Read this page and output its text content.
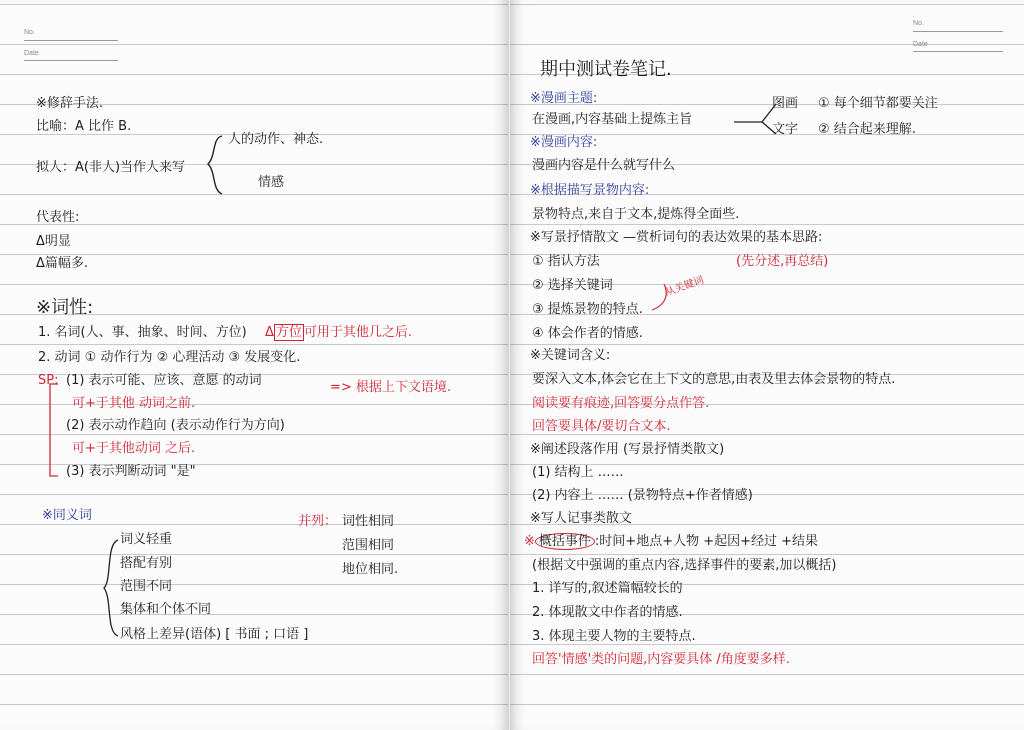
No.
Date
※修辞手法.
比喻：A 比作 B.
人的动作、神态.
拟人：A(非人)当作人来写
情感
代表性:
Δ明显
Δ篇幅多.
※词性:
1. 名词(人、事、抽象、时间、方位) Δ 方位 可用于其他几之后.
2. 动词 ① 动作行为 ② 心理活动 ③ 发展变化.
SP: (1) 表示可能、应该、意愿 的动词	=> 根据上下文语境.
可+于其他 动词之前.
(2) 表示动作趋向 (表示动作行为方向)
可+于其他动词 之后.
(3) 表示判断动词 "是"
※同义词	并列： 词性相同
词义轻重	范围相同
搭配有别	地位相同.
范围不同
集体和个体不同
风格上差异(语体) [ 书面 ; 口语 ]
No.
Date
期中测试卷笔记.
※漫画主题:	图画 ① 每个细节都要关注
在漫画,内容基础上提炼主旨
文字 ② 结合起来理解.
※漫画内容:
漫画内容是什么就写什么
※根据描写景物内容:
景物特点,来自于文本,提炼得全面些.
※写景抒情散文 —赏析词句的表达效果的基本思路:
① 指认方法	(先分述,再总结)
② 选择关键词	从关键词
③ 提炼景物的特点.
④ 体会作者的情感.
※关键词含义:
要深入文本,体会它在上下文的意思,由表及里去体会景物的特点.
阅读要有痕迹,回答要分点作答.
回答要具体/要切合文本.
※阐述段落作用 (写景抒情类散文)
(1) 结构上 ……
(2) 内容上 …… (景物特点+作者情感)
※写人记事类散文
※ 概括事件 :时间+地点+人物 +起因+经过 +结果
(根据文中强调的重点内容,选择事件的要素,加以概括)
1. 详写的,叙述篇幅较长的
2. 体现散文中作者的情感.
3. 体现主要人物的主要特点.
回答'情感'类的问题,内容要具体 /角度要多样.
